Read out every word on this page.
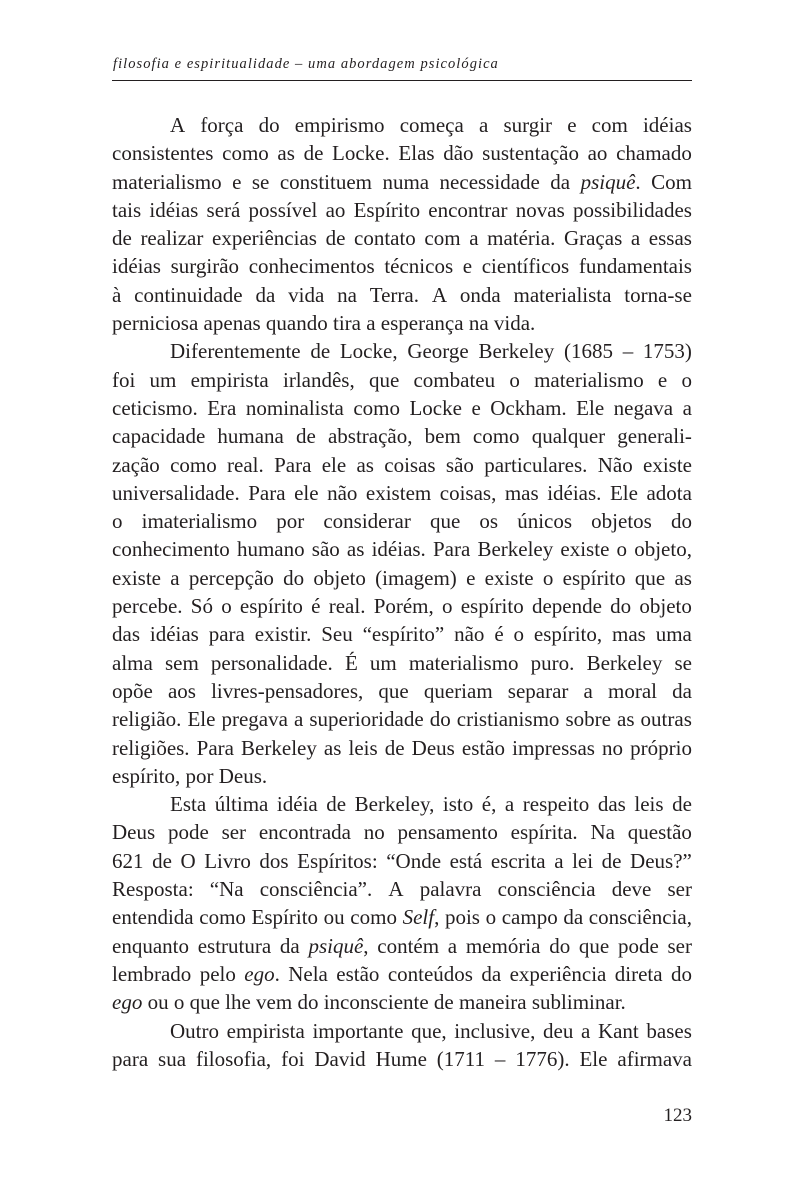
filosofia e espiritualidade – uma abordagem psicológica
A força do empirismo começa a surgir e com idéias
consistentes como as de Locke. Elas dão sustentação ao chamado
materialismo e se constituem numa necessidade da psiquê. Com
tais idéias será possível ao Espírito encontrar novas possibilidades
de realizar experiências de contato com a matéria. Graças a essas
idéias surgirão conhecimentos técnicos e científicos fundamentais
à continuidade da vida na Terra. A onda materialista torna-se
perniciosa apenas quando tira a esperança na vida.
Diferentemente de Locke, George Berkeley (1685 – 1753)
foi um empirista irlandês, que combateu o materialismo e o
ceticismo. Era nominalista como Locke e Ockham. Ele negava a
capacidade humana de abstração, bem como qualquer generali-
zação como real. Para ele as coisas são particulares. Não existe
universalidade. Para ele não existem coisas, mas idéias. Ele adota
o imaterialismo por considerar que os únicos objetos do
conhecimento humano são as idéias. Para Berkeley existe o objeto,
existe a percepção do objeto (imagem) e existe o espírito que as
percebe. Só o espírito é real. Porém, o espírito depende do objeto
das idéias para existir. Seu “espírito” não é o espírito, mas uma
alma sem personalidade. É um materialismo puro. Berkeley se
opõe aos livres-pensadores, que queriam separar a moral da
religião. Ele pregava a superioridade do cristianismo sobre as outras
religiões. Para Berkeley as leis de Deus estão impressas no próprio
espírito, por Deus.
Esta última idéia de Berkeley, isto é, a respeito das leis de
Deus pode ser encontrada no pensamento espírita. Na questão
621 de O Livro dos Espíritos: “Onde está escrita a lei de Deus?”
Resposta: “Na consciência”. A palavra consciência deve ser
entendida como Espírito ou como Self, pois o campo da consciência,
enquanto estrutura da psiquê, contém a memória do que pode ser
lembrado pelo ego. Nela estão conteúdos da experiência direta do
ego ou o que lhe vem do inconsciente de maneira subliminar.
Outro empirista importante que, inclusive, deu a Kant bases
para sua filosofia, foi David Hume (1711 – 1776). Ele afirmava
123
